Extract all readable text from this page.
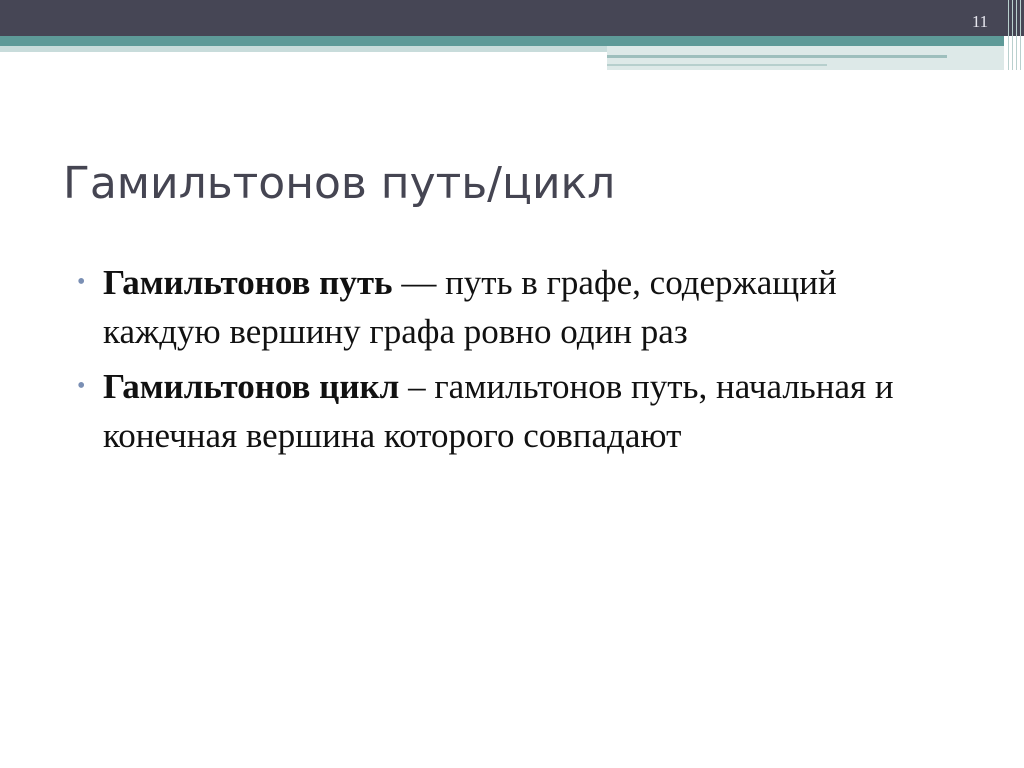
11
Гамильтонов путь/цикл
• Гамильтонов путь — путь в графе, содержащий каждую вершину графа ровно один раз
• Гамильтонов цикл – гамильтонов путь, начальная и конечная вершина которого совпадают
